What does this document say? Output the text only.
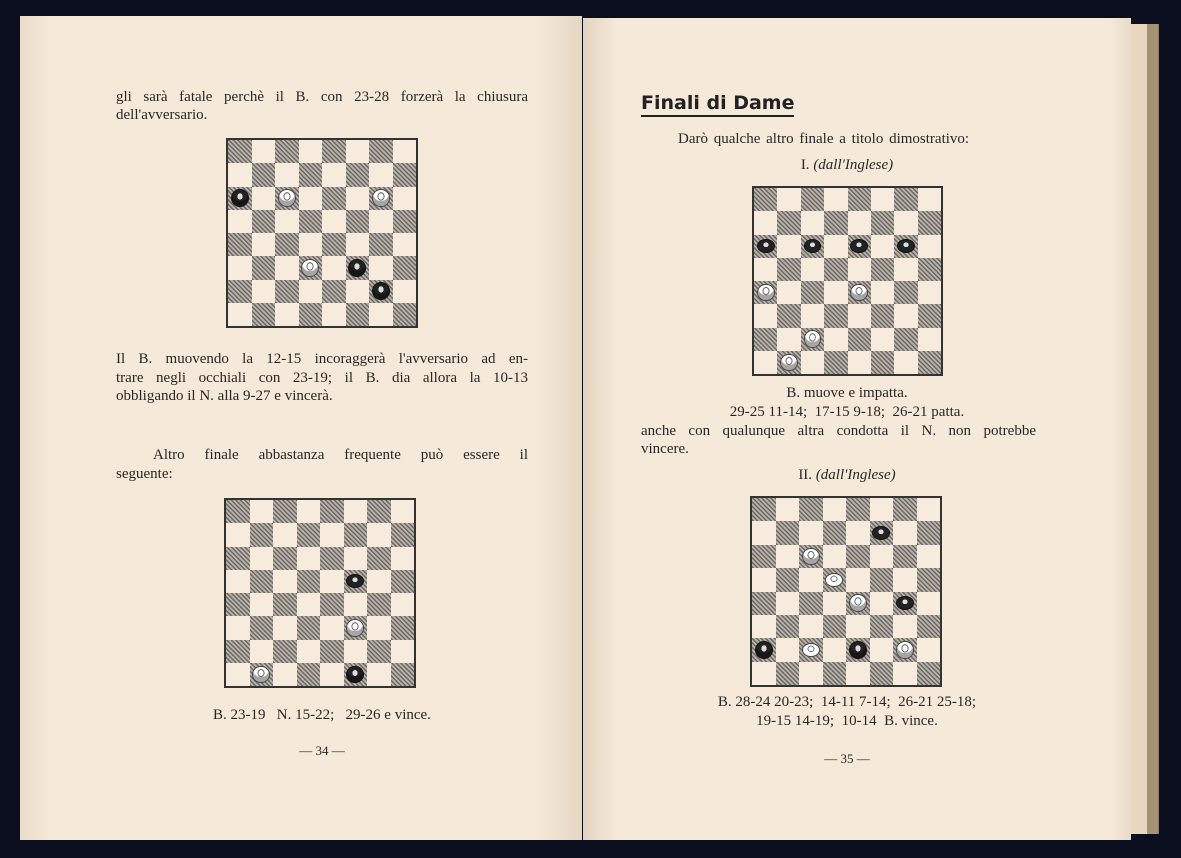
gli sarà fatale perchè il B. con 23-28 forzerà la chiusura
dell'avversario.
Il B. muovendo la 12-15 incoraggerà l'avversario ad en-
trare negli occhiali con 23-19; il B. dia allora la 10-13
obbligando il N. alla 9-27 e vincerà.
Altro finale abbastanza frequente può essere il
seguente:
B. 23-19   N. 15-22;   29-26 e vince.
— 34 —
Finali di Dame
Darò qualche altro finale a titolo dimostrativo:
I. (dall'Inglese)
B. muove e impatta.
29-25 11-14;  17-15 9-18;  26-21 patta.
anche con qualunque altra condotta il N. non potrebbe
vincere.
II. (dall'Inglese)
B. 28-24 20-23;  14-11 7-14;  26-21 25-18;
19-15 14-19;  10-14  B. vince.
— 35 —
